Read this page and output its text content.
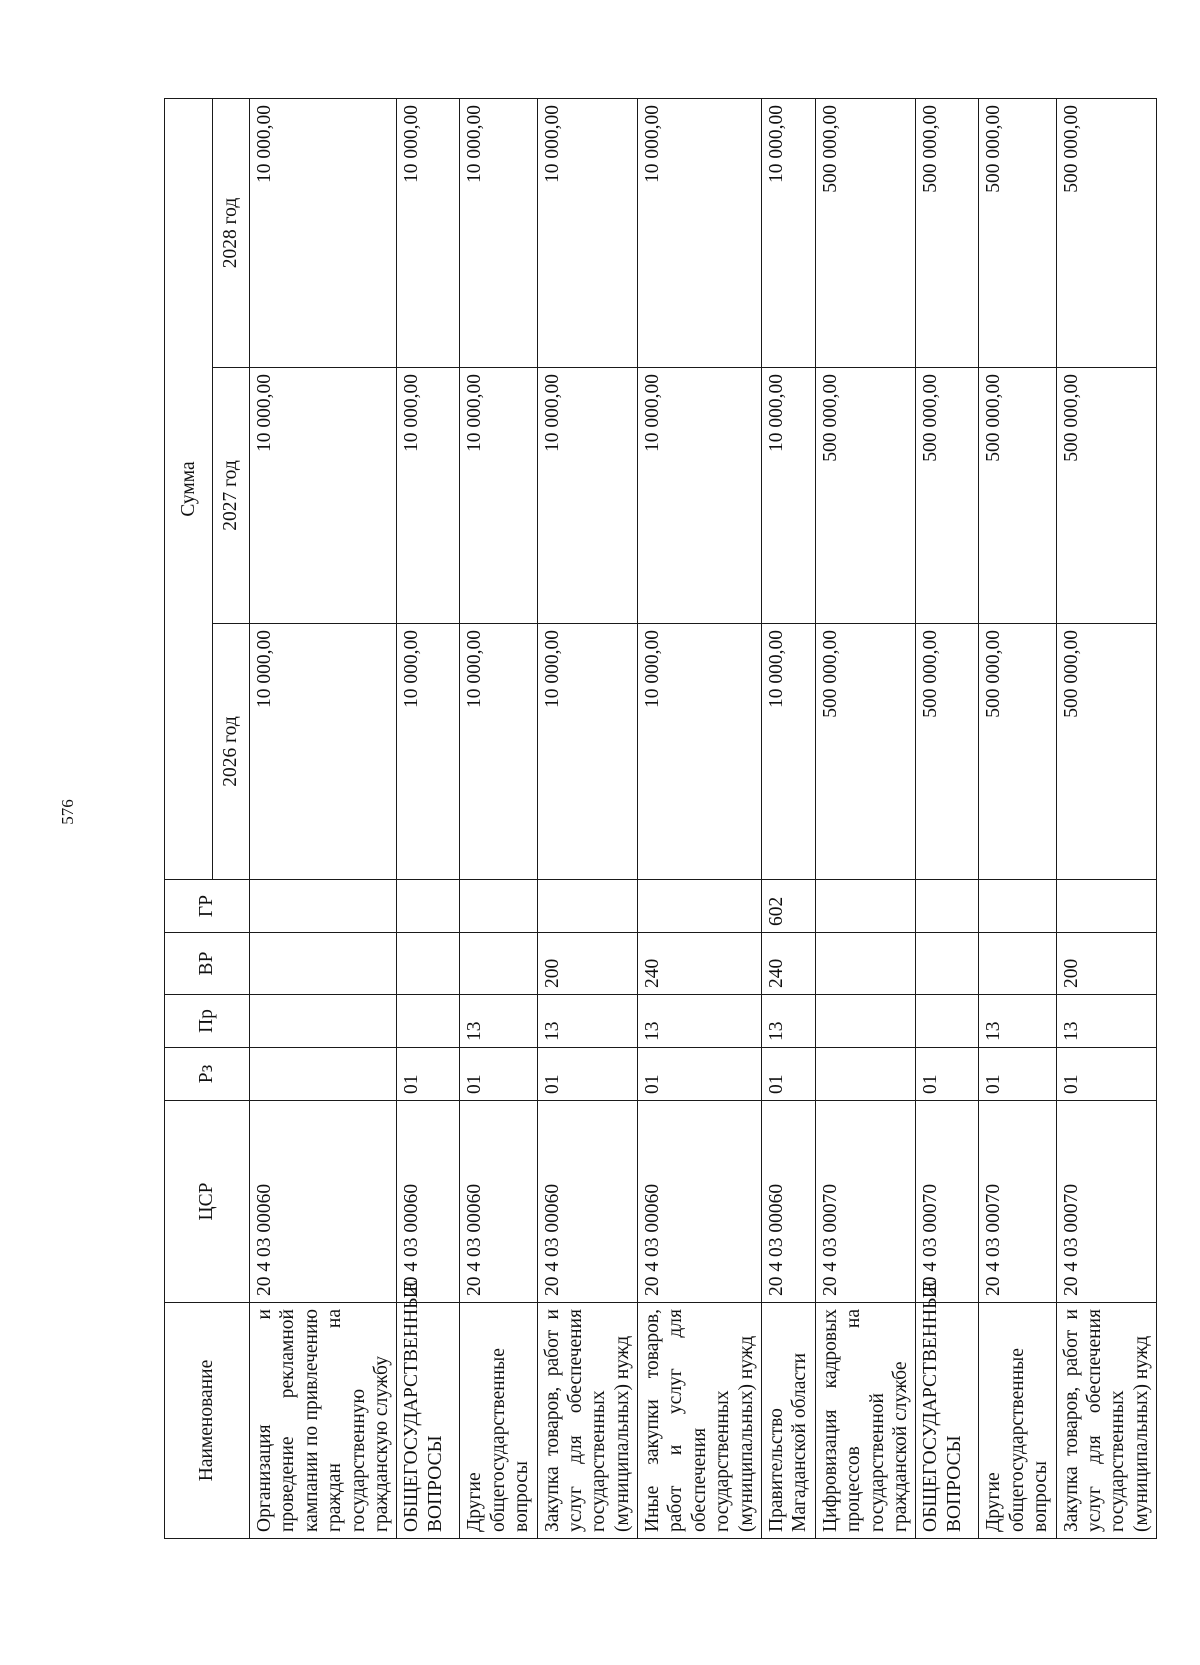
576
Наименование	ЦСР	Рз	Пр	ВР	ГР	Сумма		
						2026 год	2027 год	2028 год
Организация и проведение рекламной кампании по привлечению граждан на государственную гражданскую службу	20 4 03 00060					10 000,00	10 000,00	10 000,00
ОБЩЕГОСУДАРСТВЕННЫЕ ВОПРОСЫ	20 4 03 00060	01				10 000,00	10 000,00	10 000,00
Другие общегосударственные вопросы	20 4 03 00060	01	13			10 000,00	10 000,00	10 000,00
Закупка товаров, работ и услуг для обеспечения государственных (муниципальных) нужд	20 4 03 00060	01	13	200		10 000,00	10 000,00	10 000,00
Иные закупки товаров, работ и услуг для обеспечения государственных (муниципальных) нужд	20 4 03 00060	01	13	240		10 000,00	10 000,00	10 000,00
Правительство Магаданской области	20 4 03 00060	01	13	240	602	10 000,00	10 000,00	10 000,00
Цифровизация кадровых процессов на государственной гражданской службе	20 4 03 00070					500 000,00	500 000,00	500 000,00
ОБЩЕГОСУДАРСТВЕННЫЕ ВОПРОСЫ	20 4 03 00070	01				500 000,00	500 000,00	500 000,00
Другие общегосударственные вопросы	20 4 03 00070	01	13			500 000,00	500 000,00	500 000,00
Закупка товаров, работ и услуг для обеспечения государственных (муниципальных) нужд	20 4 03 00070	01	13	200		500 000,00	500 000,00	500 000,00
